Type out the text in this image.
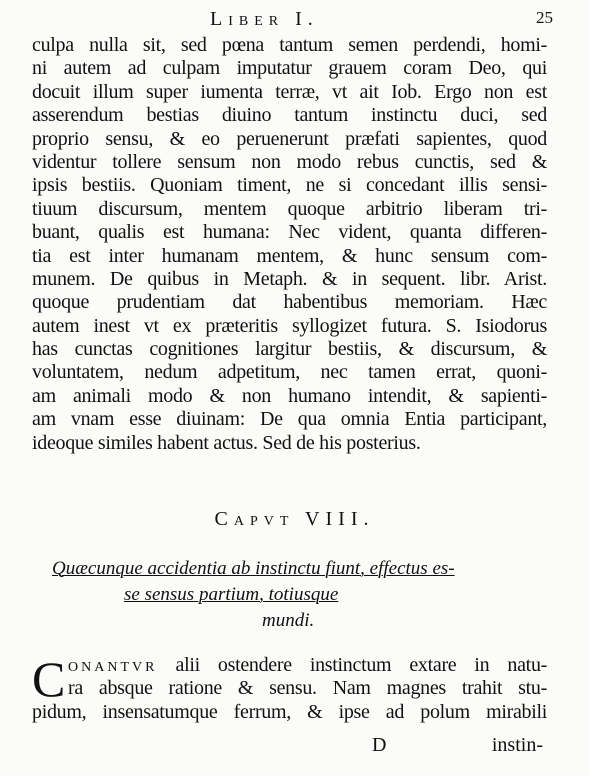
Liber I.	25
culpa nulla sit, sed pœna tantum semen perdendi, homi-
ni autem ad culpam imputatur grauem coram Deo, qui
docuit illum super iumenta terræ, vt ait Iob. Ergo non est
asserendum bestias diuino tantum instinctu duci, sed
proprio sensu, & eo peruenerunt præfati sapientes, quod
videntur tollere sensum non modo rebus cunctis, sed &
ipsis bestiis. Quoniam timent, ne si concedant illis sensi-
tiuum discursum, mentem quoque arbitrio liberam tri-
buant, qualis est humana: Nec vident, quanta differen-
tia est inter humanam mentem, & hunc sensum com-
munem. De quibus in Metaph. & in sequent. libr. Arist.
quoque prudentiam dat habentibus memoriam. Hæc
autem inest vt ex præteritis syllogizet futura. S. Isiodorus
has cunctas cognitiones largitur bestiis, & discursum, &
voluntatem, nedum adpetitum, nec tamen errat, quoni-
am animali modo & non humano intendit, & sapienti-
am vnam esse diuinam: De qua omnia Entia participant,
ideoque similes habent actus. Sed de his posterius.
Capvt VIII.
Quæcunque accidentia ab instinctu fiunt, effectus es-
se sensus partium, totiusque
mundi.
C onantvr alii ostendere instinctum extare in natu-
ra absque ratione & sensu. Nam magnes trahit stu-
pidum, insensatumque ferrum, & ipse ad polum mirabili
D	instin-
